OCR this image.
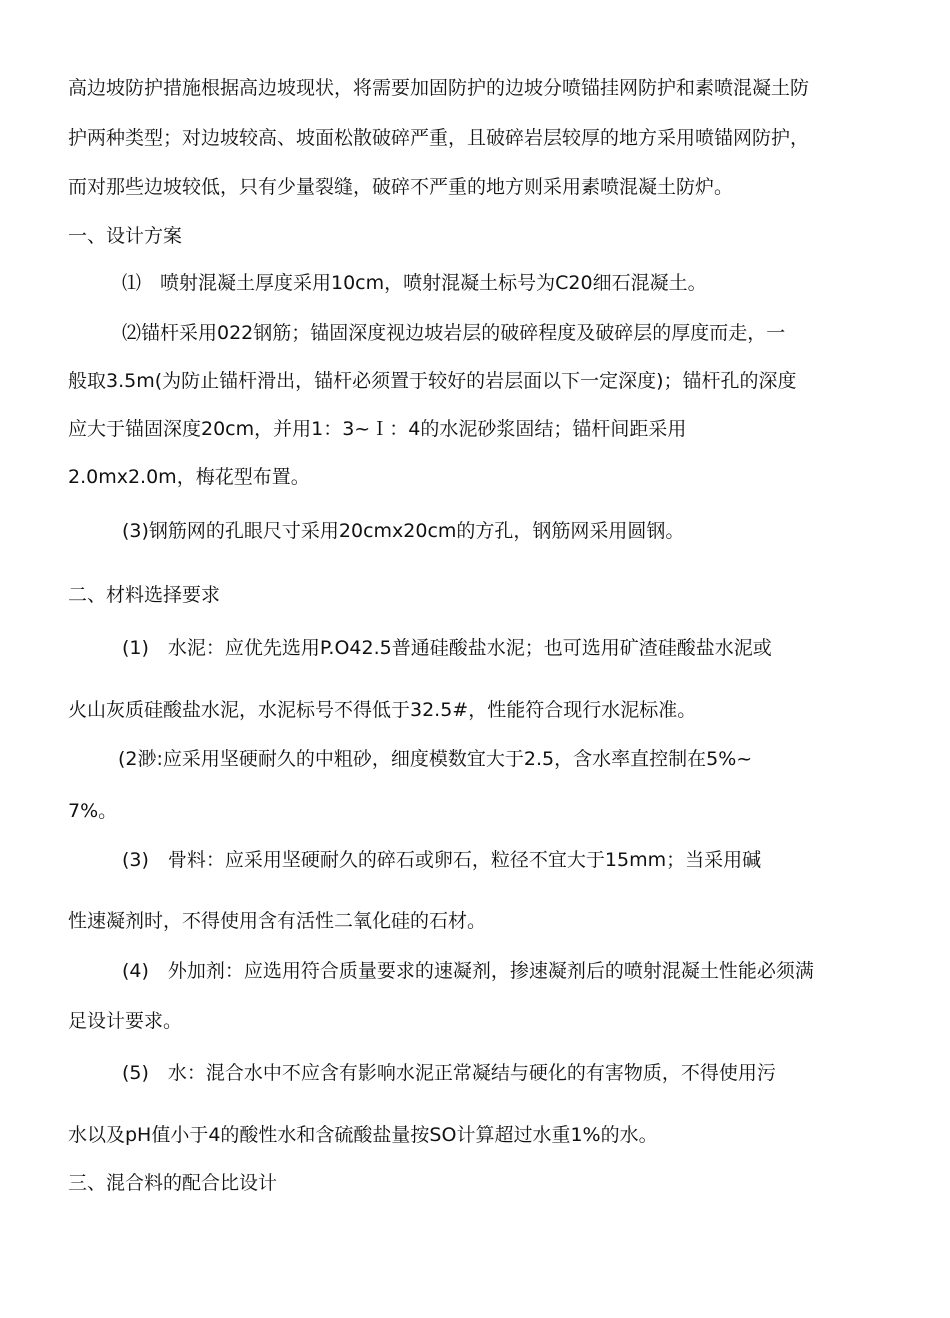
高边坡防护措施根据高边坡现状，将需要加固防护的边坡分喷锚挂网防护和素喷混凝土防
护两种类型；对边坡较高、坡面松散破碎严重，且破碎岩层较厚的地方采用喷锚网防护，
而对那些边坡较低，只有少量裂缝，破碎不严重的地方则采用素喷混凝土防炉。
一、设计方案
⑴　喷射混凝土厚度采用10cm，喷射混凝土标号为C20细石混凝土。
⑵锚杆采用022钢筋；锚固深度视边坡岩层的破碎程度及破碎层的厚度而走，一
般取3.5m(为防止锚杆滑出，锚杆必须置于较好的岩层面以下一定深度)；锚杆孔的深度
应大于锚固深度20cm，并用1：3~Ｉ：4的水泥砂浆固结；锚杆间距采用
2.0mx2.0m，梅花型布置。
(3)钢筋网的孔眼尺寸采用20cmx20cm的方孔，钢筋网采用圆钢。
二、材料选择要求
(1)　水泥：应优先选用P.O42.5普通硅酸盐水泥；也可选用矿渣硅酸盐水泥或
火山灰质硅酸盐水泥，水泥标号不得低于32.5#，性能符合现行水泥标准。
(2渺:应采用坚硬耐久的中粗砂，细度模数宜大于2.5，含水率直控制在5%~
7%。
(3)　骨料：应采用坚硬耐久的碎石或卵石，粒径不宜大于15mm；当采用碱
性速凝剂时，不得使用含有活性二氧化硅的石材。
(4)　外加剂：应选用符合质量要求的速凝剂，掺速凝剂后的喷射混凝土性能必须满
足设计要求。
(5)　水：混合水中不应含有影响水泥正常凝结与硬化的有害物质，不得使用污
水以及pH值小于4的酸性水和含硫酸盐量按SO计算超过水重1%的水。
三、混合料的配合比设计
